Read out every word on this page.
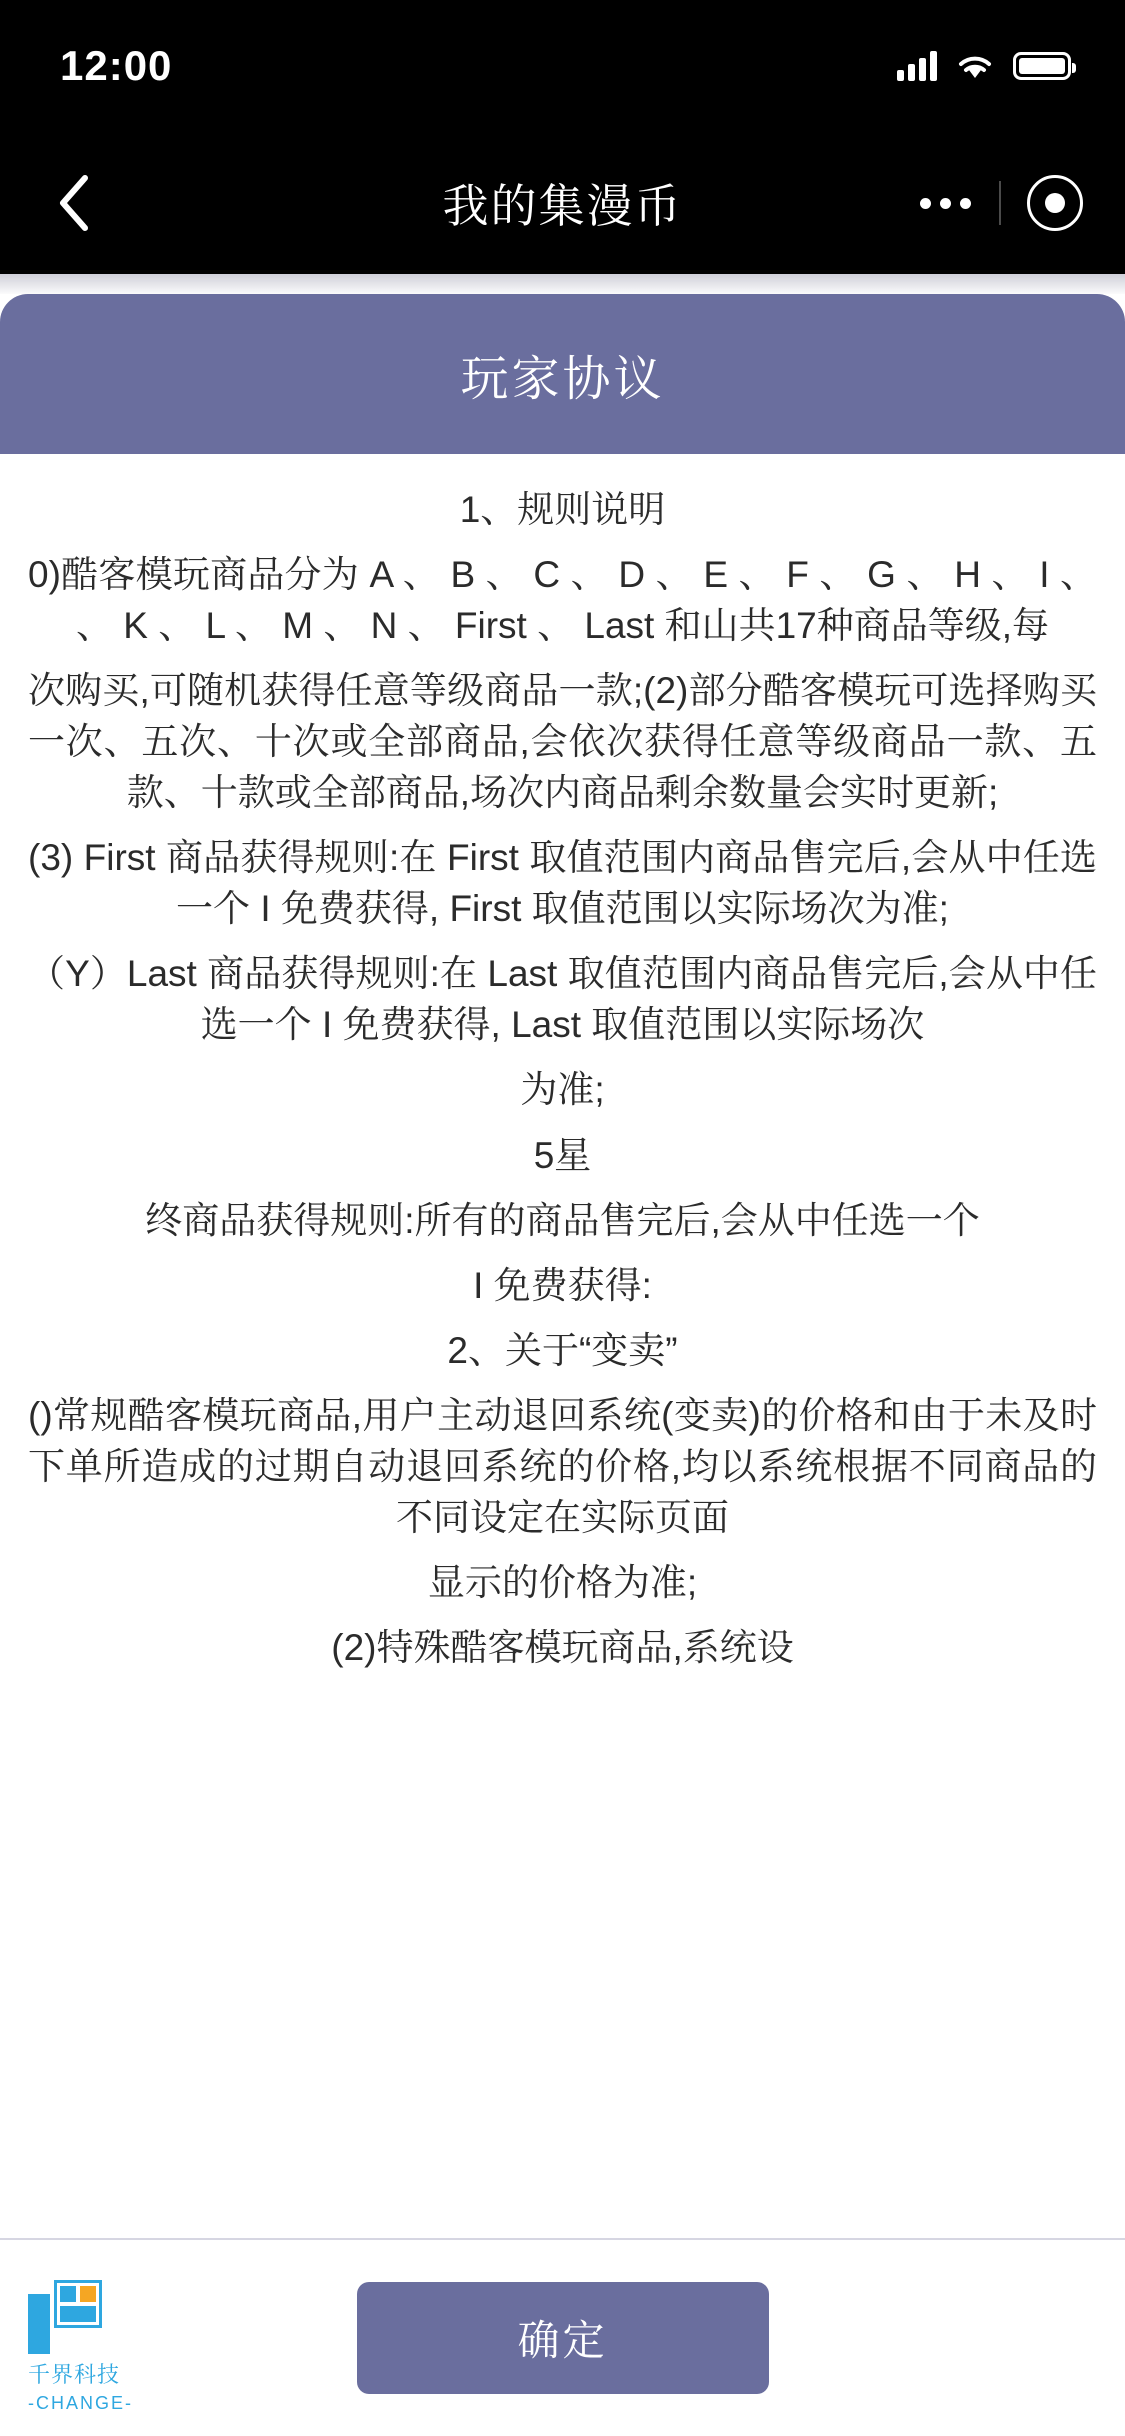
12:00
我的集漫币
玩家协议

1、规则说明

0)酷客模玩商品分为 A 、 B 、 C 、 D 、 E 、 F 、 G 、 H 、 I 、 、 K 、 L 、 M 、 N 、 First 、 Last 和山共17种商品等级,每

次购买,可随机获得任意等级商品一款;(2)部分酷客模玩可选择购买一次、五次、十次或全部商品,会依次获得任意等级商品一款、五款、十款或全部商品,场次内商品剩余数量会实时更新;

(3) First 商品获得规则:在 First 取值范围内商品售完后,会从中任选一个 I 免费获得, First 取值范围以实际场次为准;

（Y）Last 商品获得规则:在 Last 取值范围内商品售完后,会从中任选一个 I 免费获得, Last 取值范围以实际场次

为准;

5星

终商品获得规则:所有的商品售完后,会从中任选一个

I 免费获得:

2、关于“变卖”

()常规酷客模玩商品,用户主动退回系统(变卖)的价格和由于未及时下单所造成的过期自动退回系统的价格,均以系统根据不同商品的不同设定在实际页面

显示的价格为准;

(2)特殊酷客模玩商品,系统设

确定
千界科技
-CHANGE-
